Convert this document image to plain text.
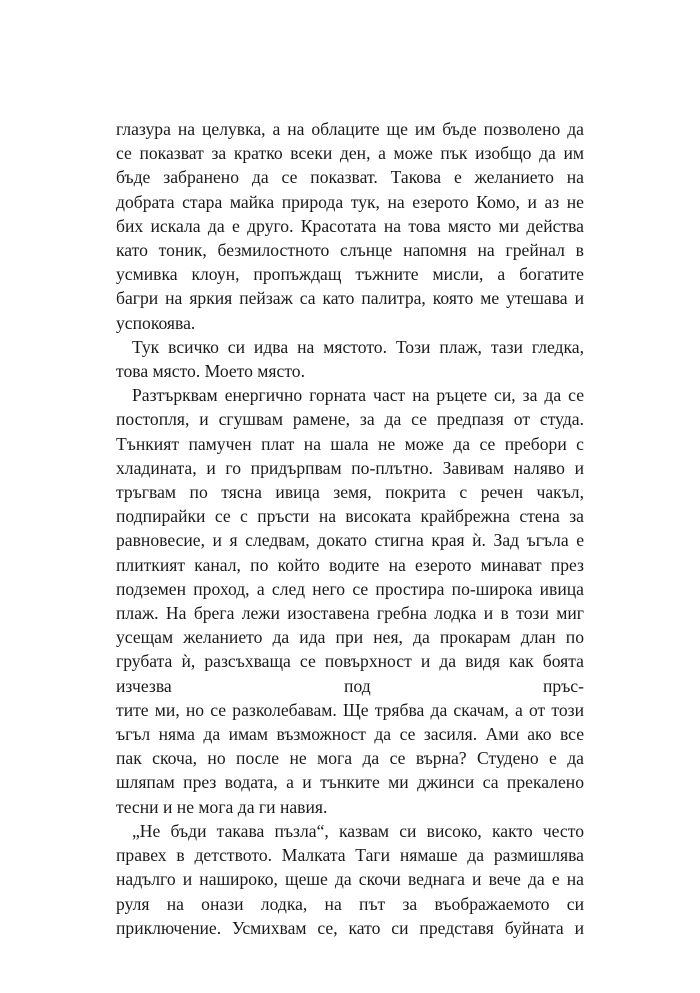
глазура на целувка, а на облаците ще им бъде позволено да
се показват за кратко всеки ден, а може пък изобщо да им
бъде забранено да се показват. Такова е желанието на
добрата стара майка природа тук, на езерото Комо, и аз не
бих искала да е друго. Красотата на това място ми действа
като тоник, безмилостното слънце напомня на грейнал в
усмивка клоун, пропъждащ тъжните мисли, а богатите
багри на яркия пейзаж са като палитра, която ме утешава и
успокоява.
Тук всичко си идва на мястото. Този плаж, тази гледка,
това място. Моето място.
Разтърквам енергично горната част на ръцете си, за да се
постопля, и сгушвам рамене, за да се предпазя от студа.
Тънкият памучен плат на шала не може да се пребори с
хладината, и го придърпвам по-плътно. Завивам наляво и
тръгвам по тясна ивица земя, покрита с речен чакъл,
подпирайки се с пръсти на високата крайбрежна стена за
равновесие, и я следвам, докато стигна края ѝ. Зад ъгъла е
плиткият канал, по който водите на езерото минават през
подземен проход, а след него се простира по-широка ивица
плаж. На брега лежи изоставена гребна лодка и в този миг
усещам желанието да ида при нея, да прокарам длан по
грубата ѝ, разсъхваща се повърхност и да видя как боята
изчезва	под	пръс-
тите ми, но се разколебавам. Ще трябва да скачам, а от този
ъгъл няма да имам възможност да се засиля. Ами ако все
пак скоча, но после не мога да се върна? Студено е да
шляпам през водата, а и тънките ми джинси са прекалено
тесни и не мога да ги навия.
„Не бъди такава пъзла“, казвам си високо, както често
правех в детството. Малката Таги нямаше да размишлява
надълго и нашироко, щеше да скочи веднага и вече да е на
руля на онази лодка, на път за въображаемото си
приключение. Усмихвам се, като си представя буйната и
